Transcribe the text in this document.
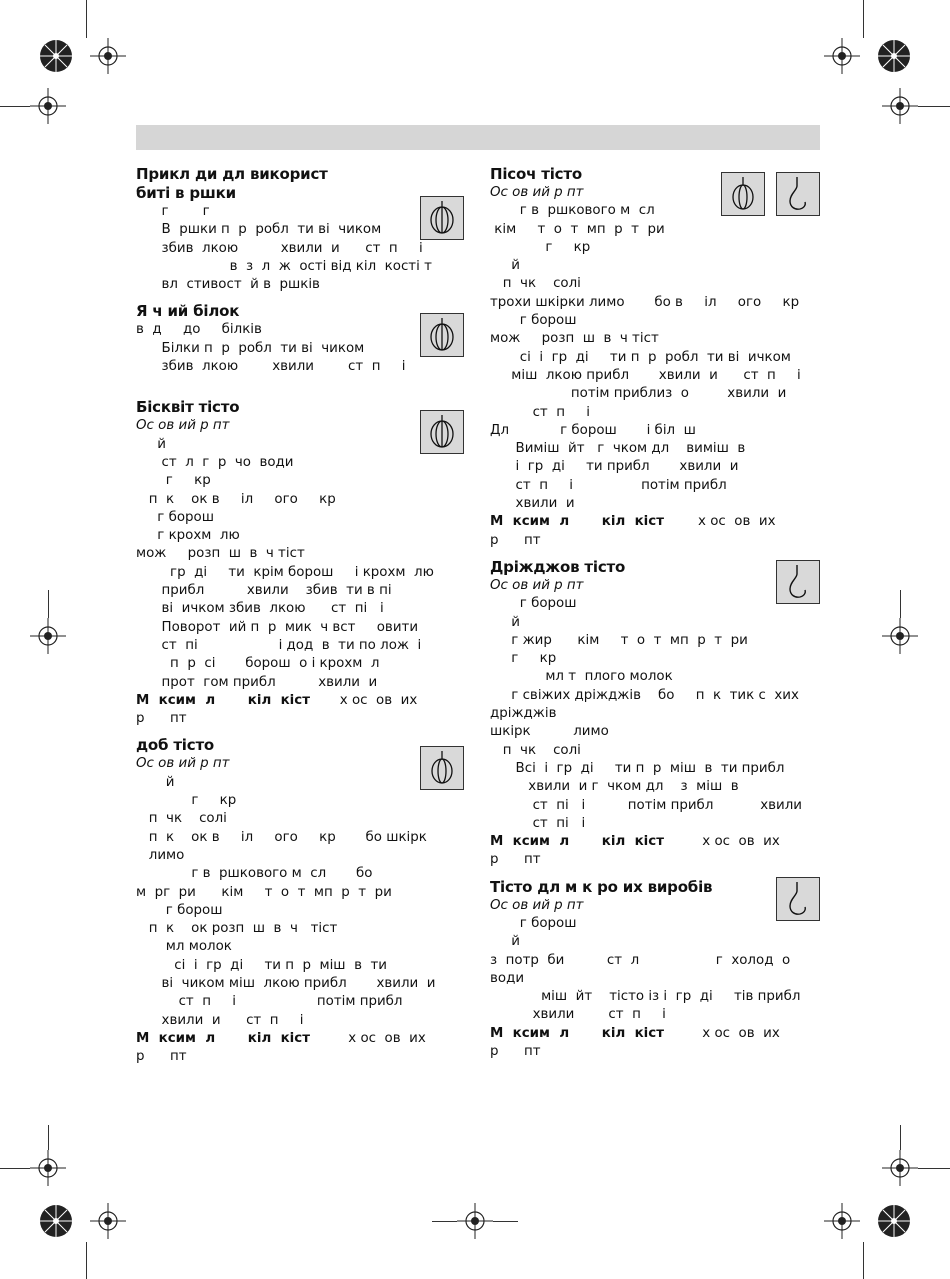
Прикл ди дл використ
биті в ршки
г        г
В  ршки п  р  робл  ти ві  чиком
збив  лкою          хвили  и      ст  п     і
в  з  л  ж  ості від кіл  кості т
вл  стивост  й в  ршків
Я ч ий білок
в  д     до     білків
Білки п  р  робл  ти ві  чиком
збив  лкою        хвили        ст  п     і
Бісквіт тісто
Ос ов ий р пт
й
ст  л  г  р  чо  води
г     кр
п  к    ок в     іл     ого     кр
г борош
г крохм  лю
мож     розп  ш  в  ч тіст
гр  ді     ти  крім борош     і крохм  лю
прибл          хвили    збив  ти в пі
ві  ичком збив  лкою      ст  пі   і
Поворот  ий п  р  мик  ч вст     овити
ст  пі                   і дод  в  ти по лож  і
п  р  сі       борош  о і крохм  л
прот  гом прибл          хвили  и
М  ксим  л       кіл  кіст       х ос  ов  их
р      пт
доб тісто
Ос ов ий р пт
й
г     кр
п  чк    солі
п  к    ок в     іл     ого     кр       бо шкірк
лимо
г в  ршкового м  сл       бо
м  рг  ри      кім     т  о  т  мп  р  т  ри
г борош
п  к    ок розп  ш  в  ч   тіст
мл молок
сі  і  гр  ді     ти п  р  міш  в  ти
ві  чиком міш  лкою прибл       хвили  и
ст  п     і                   потім прибл
хвили  и      ст  п     і
М  ксим  л       кіл  кіст         х ос  ов  их
р      пт
Пісоч тісто
Ос ов ий р пт
г в  ршкового м  сл
кім     т  о  т  мп  р  т  ри
г     кр
й
п  чк    солі
трохи шкірки лимо       бо в     іл     ого     кр
г борош
мож     розп  ш  в  ч тіст
сі  і  гр  ді     ти п  р  робл  ти ві  ичком
міш  лкою прибл       хвили  и      ст  п     і
потім приблиз  о         хвили  и
ст  п     і
Дл            г борош       і біл  ш
Виміш  йт   г  чком дл    виміш  в
і  гр  ді     ти прибл       хвили  и
ст  п     і                потім прибл
хвили  и
М  ксим  л       кіл  кіст        х ос  ов  их
р      пт
Дріжджов тісто
Ос ов ий р пт
г борош
й
г жир      кім     т  о  т  мп  р  т  ри
г     кр
мл т  плого молок
г свіжих дріжджів    бо     п  к  тик с  хих
дріжджів
шкірк          лимо
п  чк    солі
Всі  і  гр  ді     ти п  р  міш  в  ти прибл
хвили  и г  чком дл    з  міш  в
ст  пі   і          потім прибл           хвили
ст  пі   і
М  ксим  л       кіл  кіст         х ос  ов  их
р      пт
Тісто дл м к ро их виробів
Ос ов ий р пт
г борош
й
з  потр  би          ст  л                  г  холод  о
води
міш  йт    тісто із і  гр  ді     тів прибл
хвили        ст  п     і
М  ксим  л       кіл  кіст         х ос  ов  их
р      пт
